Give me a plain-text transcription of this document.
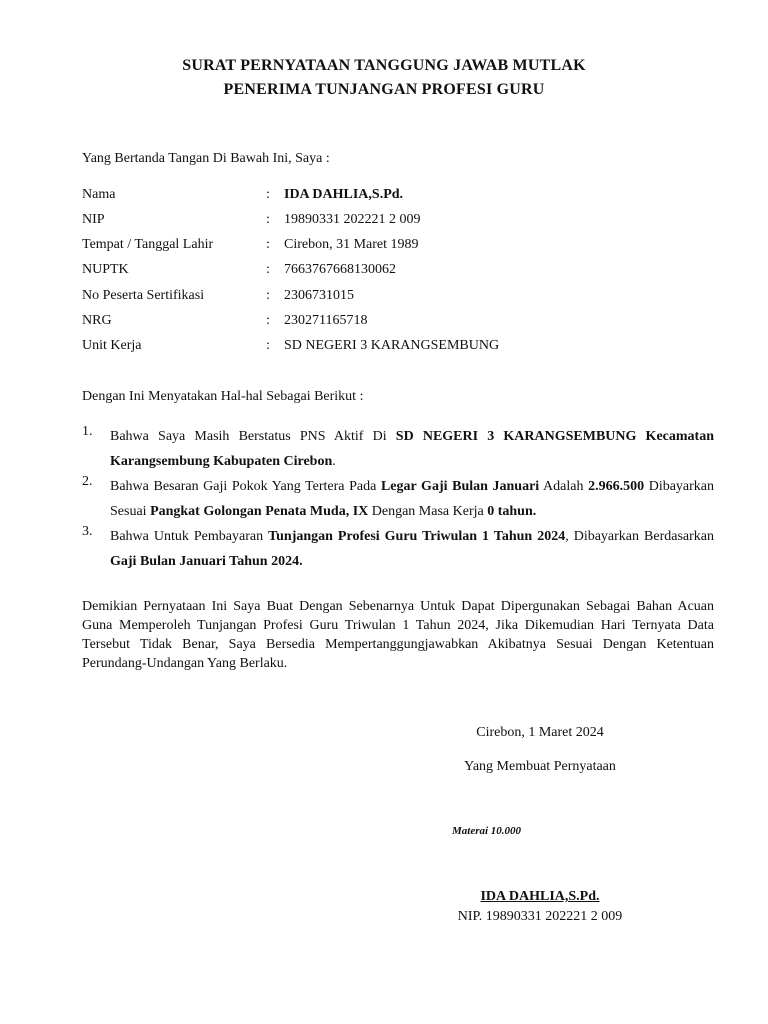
SURAT PERNYATAAN TANGGUNG JAWAB MUTLAK
PENERIMA TUNJANGAN PROFESI GURU
Yang Bertanda Tangan Di Bawah Ini, Saya :
Nama	: IDA DAHLIA,S.Pd.
NIP	: 19890331 202221 2 009
Tempat / Tanggal Lahir	: Cirebon, 31 Maret 1989
NUPTK	: 7663767668130062
No Peserta Sertifikasi	: 2306731015
NRG	: 230271165718
Unit Kerja	: SD NEGERI 3 KARANGSEMBUNG
Dengan Ini Menyatakan Hal-hal Sebagai Berikut :
1. Bahwa Saya Masih Berstatus PNS Aktif Di SD NEGERI 3 KARANGSEMBUNG Kecamatan Karangsembung Kabupaten Cirebon.
2. Bahwa Besaran Gaji Pokok Yang Tertera Pada Legar Gaji Bulan Januari Adalah 2.966.500 Dibayarkan Sesuai Pangkat Golongan Penata Muda, IX Dengan Masa Kerja 0 tahun.
3. Bahwa Untuk Pembayaran Tunjangan Profesi Guru Triwulan 1 Tahun 2024, Dibayarkan Berdasarkan Gaji Bulan Januari Tahun 2024.
Demikian Pernyataan Ini Saya Buat Dengan Sebenarnya Untuk Dapat Dipergunakan Sebagai Bahan Acuan Guna Memperoleh Tunjangan Profesi Guru Triwulan 1 Tahun 2024, Jika Dikemudian Hari Ternyata Data Tersebut Tidak Benar, Saya Bersedia Mempertanggungjawabkan Akibatnya Sesuai Dengan Ketentuan Perundang-Undangan Yang Berlaku.
Cirebon, 1 Maret 2024
Yang Membuat Pernyataan
Materai 10.000
IDA DAHLIA,S.Pd.
NIP. 19890331 202221 2 009
